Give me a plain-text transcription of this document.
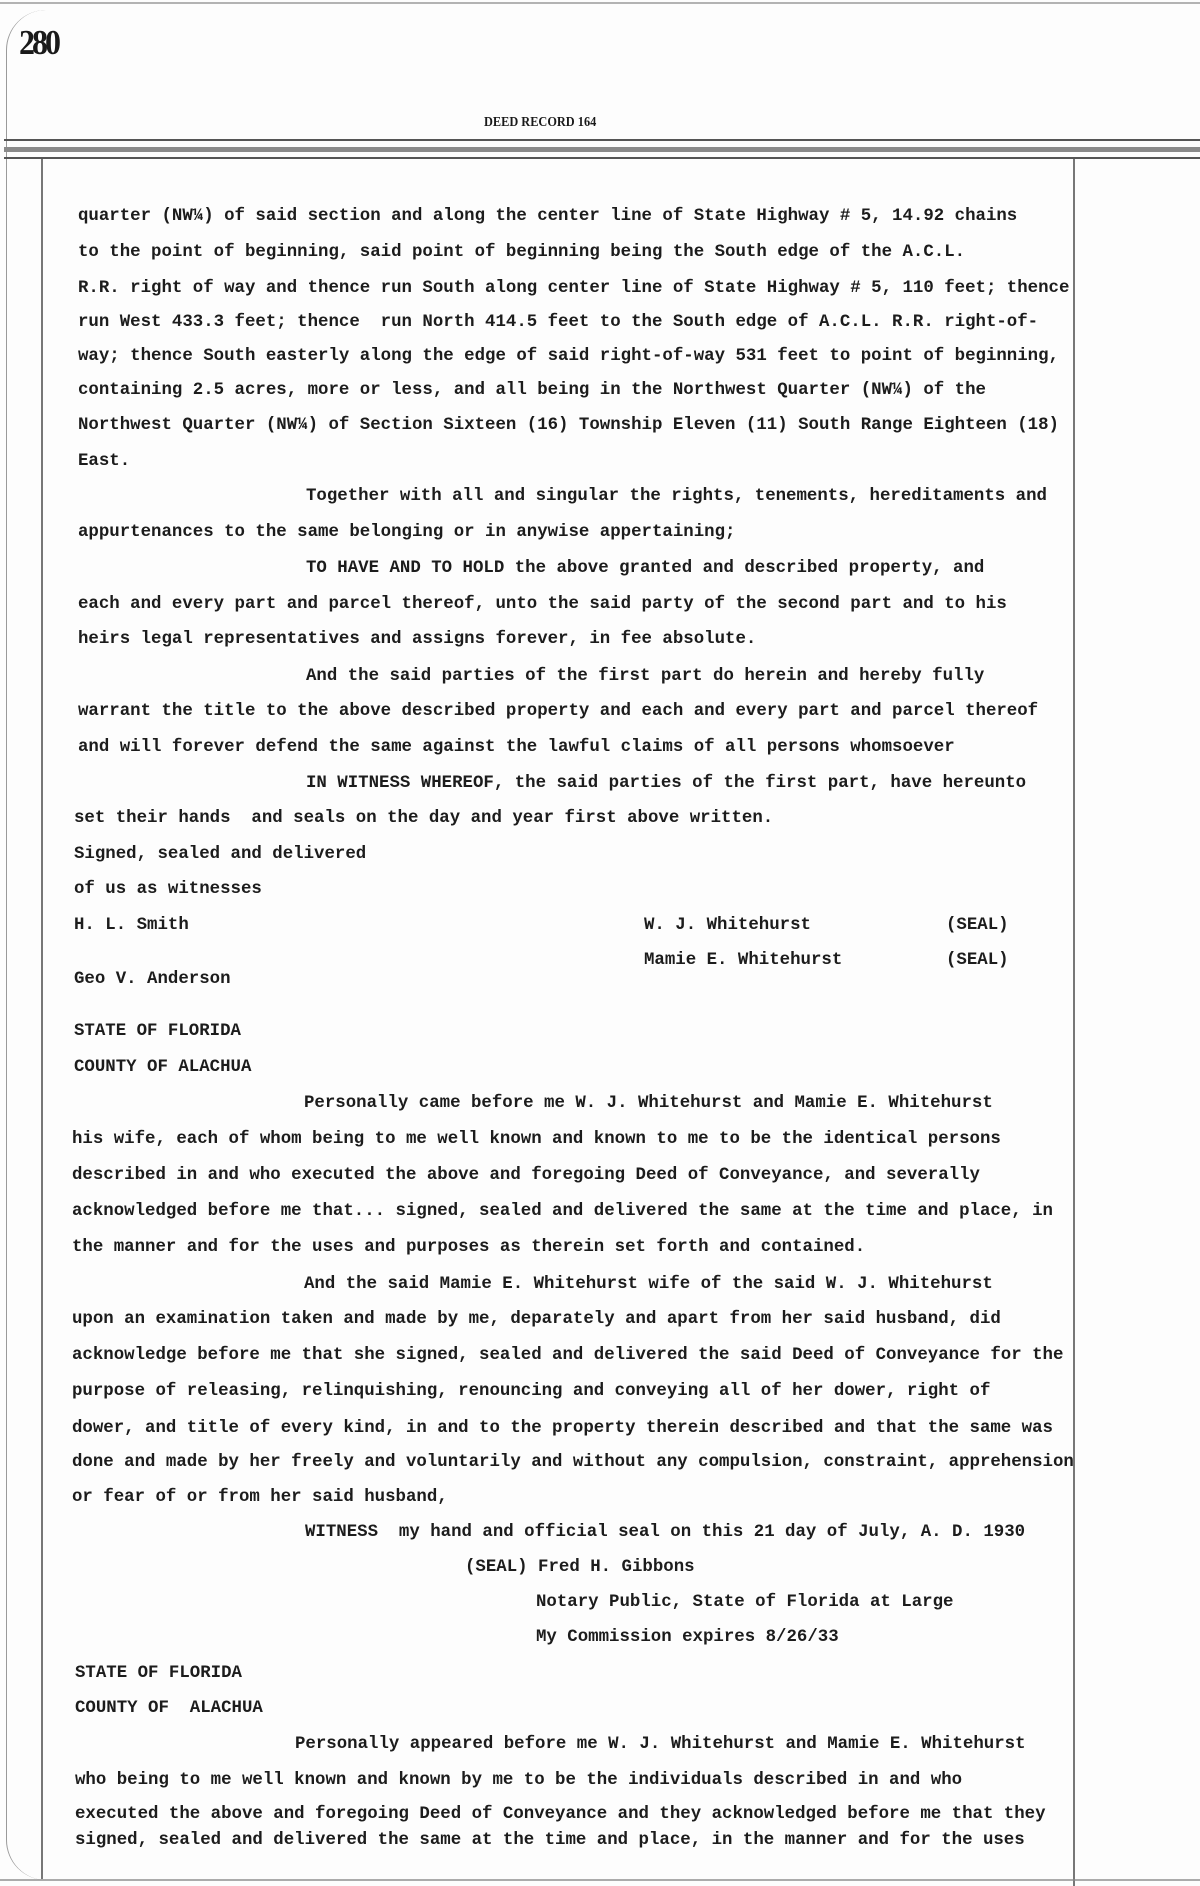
280
DEED RECORD 164
quarter (NW¼) of said section and along the center line of State Highway # 5, 14.92 chains
to the point of beginning, said point of beginning being the South edge of the A.C.L.
R.R. right of way and thence run South along center line of State Highway # 5, 110 feet; thence
run West 433.3 feet; thence  run North 414.5 feet to the South edge of A.C.L. R.R. right-of-
way; thence South easterly along the edge of said right-of-way 531 feet to point of beginning,
containing 2.5 acres, more or less, and all being in the Northwest Quarter (NW¼) of the
Northwest Quarter (NW¼) of Section Sixteen (16) Township Eleven (11) South Range Eighteen (18)
East.
Together with all and singular the rights, tenements, hereditaments and
appurtenances to the same belonging or in anywise appertaining;
TO HAVE AND TO HOLD the above granted and described property, and
each and every part and parcel thereof, unto the said party of the second part and to his
heirs legal representatives and assigns forever, in fee absolute.
And the said parties of the first part do herein and hereby fully
warrant the title to the above described property and each and every part and parcel thereof
and will forever defend the same against the lawful claims of all persons whomsoever
IN WITNESS WHEREOF, the said parties of the first part, have hereunto
set their hands  and seals on the day and year first above written.
Signed, sealed and delivered
of us as witnesses
H. L. Smith
Geo V. Anderson
W. J. Whitehurst	(SEAL)
Mamie E. Whitehurst	(SEAL)
STATE OF FLORIDA
COUNTY OF ALACHUA
Personally came before me W. J. Whitehurst and Mamie E. Whitehurst
his wife, each of whom being to me well known and known to me to be the identical persons
described in and who executed the above and foregoing Deed of Conveyance, and severally
acknowledged before me that... signed, sealed and delivered the same at the time and place, in
the manner and for the uses and purposes as therein set forth and contained.
And the said Mamie E. Whitehurst wife of the said W. J. Whitehurst
upon an examination taken and made by me, deparately and apart from her said husband, did
acknowledge before me that she signed, sealed and delivered the said Deed of Conveyance for the
purpose of releasing, relinquishing, renouncing and conveying all of her dower, right of
dower, and title of every kind, in and to the property therein described and that the same was
done and made by her freely and voluntarily and without any compulsion, constraint, apprehension
or fear of or from her said husband,
WITNESS  my hand and official seal on this 21 day of July, A. D. 1930
(SEAL) Fred H. Gibbons
Notary Public, State of Florida at Large
My Commission expires 8/26/33
STATE OF FLORIDA
COUNTY OF  ALACHUA
Personally appeared before me W. J. Whitehurst and Mamie E. Whitehurst
who being to me well known and known by me to be the individuals described in and who
executed the above and foregoing Deed of Conveyance and they acknowledged before me that they
signed, sealed and delivered the same at the time and place, in the manner and for the uses
